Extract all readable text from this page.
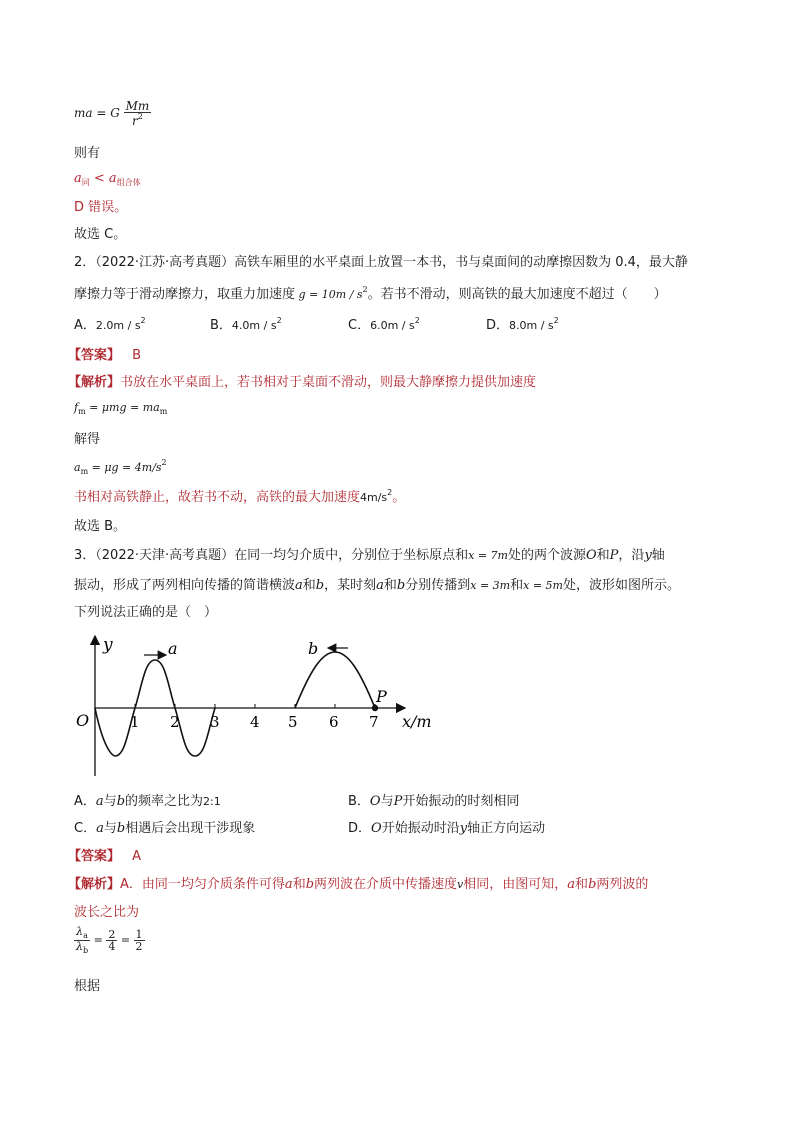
ma = G $\frac{Mm}{r^2}$
则有
$a_同 < a_{组合体}$
D 错误。
故选 C。
2．（2022·江苏·高考真题）高铁车厢里的水平桌面上放置一本书，书与桌面间的动摩擦因数为 0.4，最大静
摩擦力等于滑动摩擦力，取重力加速度 $g = 10m / s^2$。若书不滑动，则高铁的最大加速度不超过（　　）
A．$2.0m / s^2$	B．$4.0m / s^2$	C．$6.0m / s^2$	D．$8.0m / s^2$
【答案】 B
【解析】书放在水平桌面上，若书相对于桌面不滑动，则最大静摩擦力提供加速度
$f_m = \mu mg = ma_m$
解得
$a_m = \mu g = 4m/s^2$
书相对高铁静止，故若书不动，高铁的最大加速度$4m/s^2$。
故选 B。
3．（2022·天津·高考真题）在同一均匀介质中，分别位于坐标原点和x = 7m处的两个波源O和P，沿y轴
振动，形成了两列相向传播的简谐横波a和b，某时刻a和b分别传播到x = 3m和x = 5m处，波形如图所示。
下列说法正确的是（　）
y
x/m
O
a	b
P
1 2 3 4 5 6 7
A．a与b的频率之比为2:1	B．O与P开始振动的时刻相同
C．a与b相遇后会出现干涉现象	D．O开始振动时沿y轴正方向运动
【答案】 A
【解析】A．由同一均匀介质条件可得a和b两列波在介质中传播速度v相同，由图可知，a和b两列波的
波长之比为
$\frac{\lambda_a}{\lambda_b} = \frac{2}{4} = \frac{1}{2}$
根据
